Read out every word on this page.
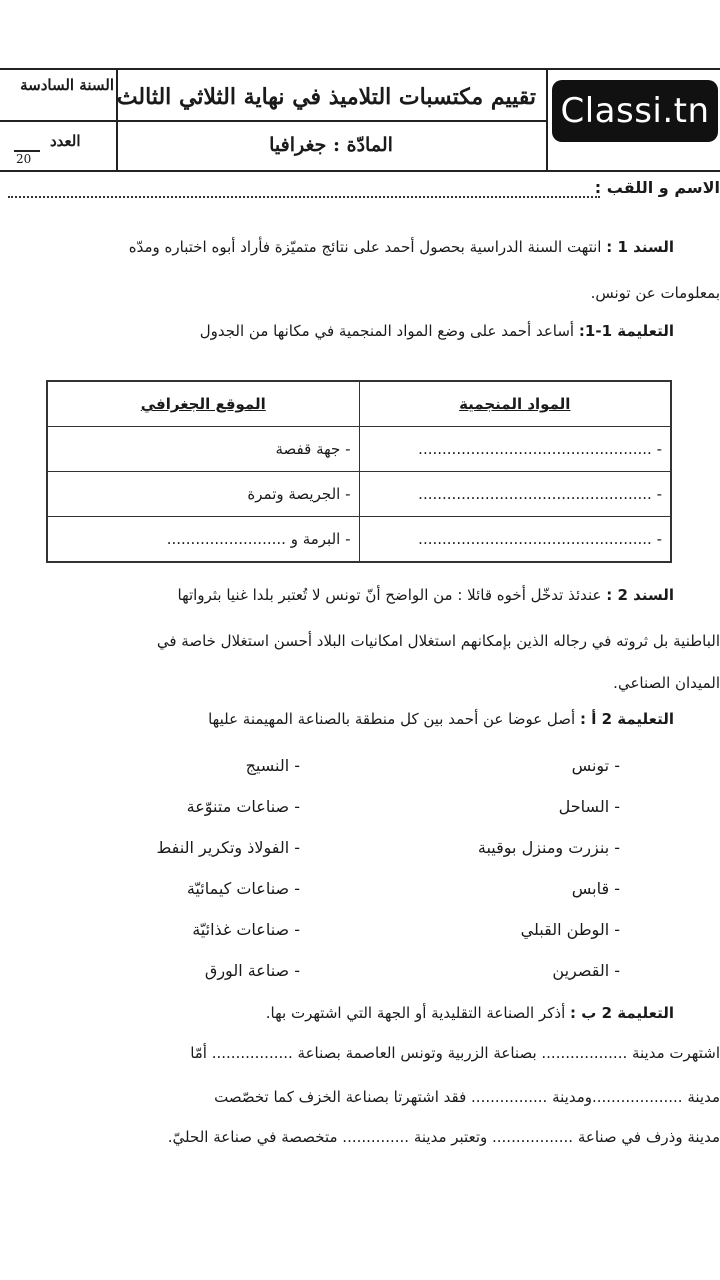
السنة السادسة تقييم مكتسبات التلاميذ في نهاية الثلاثي الثالث
العدد
20
المادّة : جغرافيا
Classi.tn
الاسم و اللقب :
السند 1 : انتهت السنة الدراسية بحصول أحمد على نتائج متميّزة فأراد أبوه اختباره ومدّه
بمعلومات عن تونس.
التعليمة 1-1: أساعد أحمد على وضع المواد المنجمية في مكانها من الجدول
المواد المنجمية	الموقع الجغرافي
- .................................................	- جهة قفصة
- .................................................	- الجريصة وتمرة
- .................................................	- البرمة و .........................
السند 2 : عندئذ تدخّل أخوه قائلا : من الواضح أنّ تونس لا تُعتبر بلدا غنيا بثرواتها
الباطنية بل ثروته في رجاله الذين بإمكانهم استغلال امكانيات البلاد أحسن استغلال خاصة في
الميدان الصناعي.
التعليمة 2 أ : أصل عوضا عن أحمد بين كل منطقة بالصناعة المهيمنة عليها
- تونس
- الساحل
- بنزرت ومنزل بوقيبة
- قابس
- الوطن القبلي
- القصرين
- النسيج
- صناعات متنوّعة
- الفولاذ وتكرير النفط
- صناعات كيمائيّة
- صناعات غذائيّة
- صناعة الورق
التعليمة 2 ب : أذكر الصناعة التقليدية أو الجهة التي اشتهرت بها.
اشتهرت مدينة .................. بصناعة الزربية وتونس العاصمة بصناعة ................. أمّا
مدينة ...................ومدينة ................ فقد اشتهرتا بصناعة الخزف كما تخصّصت
مدينة وذرف في صناعة ................. وتعتبر مدينة .............. متخصصة في صناعة الحليّ.
